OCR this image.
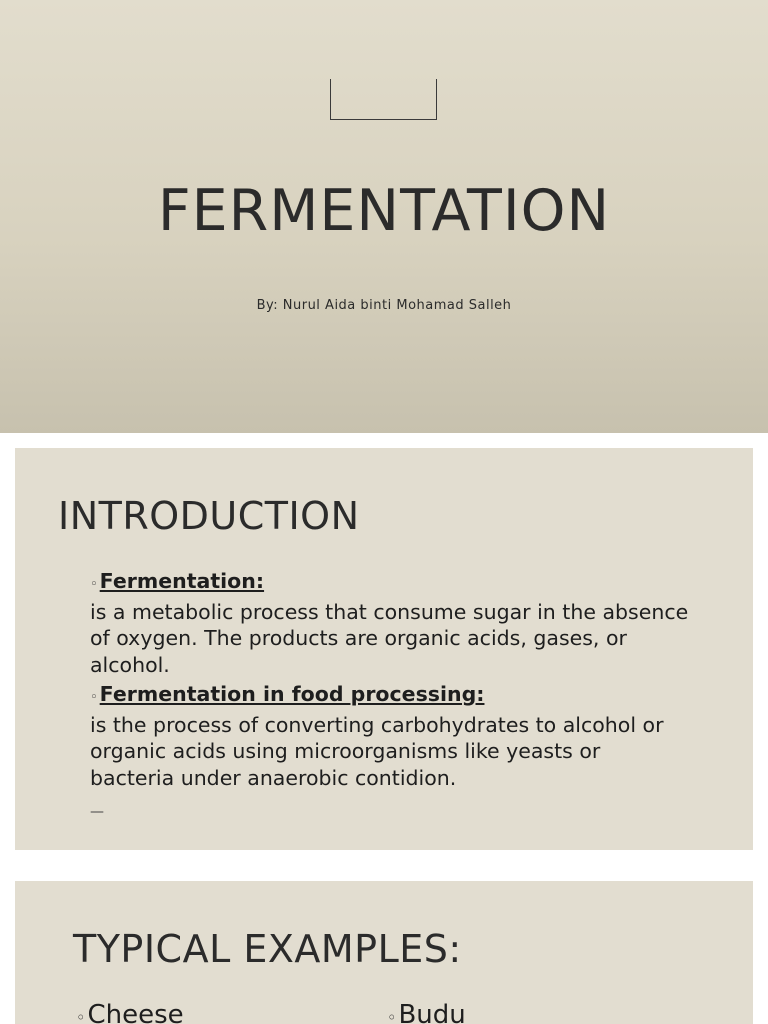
FERMENTATION
By: Nurul Aida binti Mohamad Salleh
INTRODUCTION
◦ Fermentation:
is a metabolic process that consume sugar in the absence of oxygen. The products are organic acids, gases, or alcohol.
◦ Fermentation in food processing:
is the process of converting carbohydrates to alcohol or organic acids using microorganisms like yeasts or bacteria under anaerobic contidion.
—
TYPICAL EXAMPLES:
◦ Cheese	◦ Budu
